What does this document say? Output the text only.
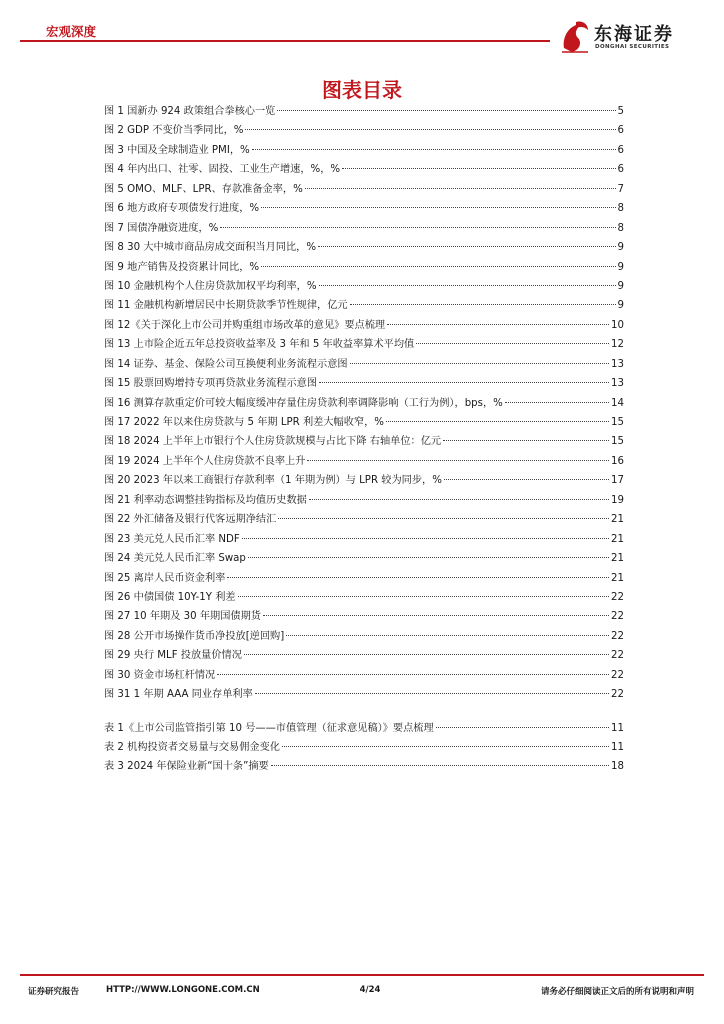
宏观深度	东海证券
DONGHAI SECURITIES
图表目录
图 1 国新办 924 政策组合拳核心一览	5
图 2 GDP 不变价当季同比，%	6
图 3 中国及全球制造业 PMI，%	6
图 4 年内出口、社零、固投、工业生产增速，%，%	6
图 5 OMO、MLF、LPR、存款准备金率，%	7
图 6 地方政府专项债发行进度，%	8
图 7 国债净融资进度，%	8
图 8 30 大中城市商品房成交面积当月同比，%	9
图 9 地产销售及投资累计同比，%	9
图 10 金融机构个人住房贷款加权平均利率，%	9
图 11 金融机构新增居民中长期贷款季节性规律，亿元	9
图 12《关于深化上市公司并购重组市场改革的意见》要点梳理	10
图 13 上市险企近五年总投资收益率及 3 年和 5 年收益率算术平均值	12
图 14 证券、基金、保险公司互换便利业务流程示意图	13
图 15 股票回购增持专项再贷款业务流程示意图	13
图 16 测算存款重定价可较大幅度缓冲存量住房贷款利率调降影响（工行为例），bps，%	14
图 17 2022 年以来住房贷款与 5 年期 LPR 利差大幅收窄，%	15
图 18 2024 上半年上市银行个人住房贷款规模与占比下降 右轴单位：亿元	15
图 19 2024 上半年个人住房贷款不良率上升	16
图 20 2023 年以来工商银行存款利率（1 年期为例）与 LPR 较为同步，%	17
图 21 利率动态调整挂钩指标及均值历史数据	19
图 22 外汇储备及银行代客远期净结汇	21
图 23 美元兑人民币汇率 NDF	21
图 24 美元兑人民币汇率 Swap	21
图 25 离岸人民币资金利率	21
图 26 中债国债 10Y-1Y 利差	22
图 27 10 年期及 30 年期国债期货	22
图 28 公开市场操作货币净投放[逆回购]	22
图 29 央行 MLF 投放量价情况	22
图 30 资金市场杠杆情况	22
图 31 1 年期 AAA 同业存单利率	22
表 1《上市公司监管指引第 10 号——市值管理（征求意见稿）》要点梳理	11
表 2 机构投资者交易量与交易佣金变化	11
表 3 2024 年保险业新“国十条”摘要	18
证券研究报告	HTTP://WWW.LONGONE.COM.CN	4/24	请务必仔细阅读正文后的所有说明和声明
